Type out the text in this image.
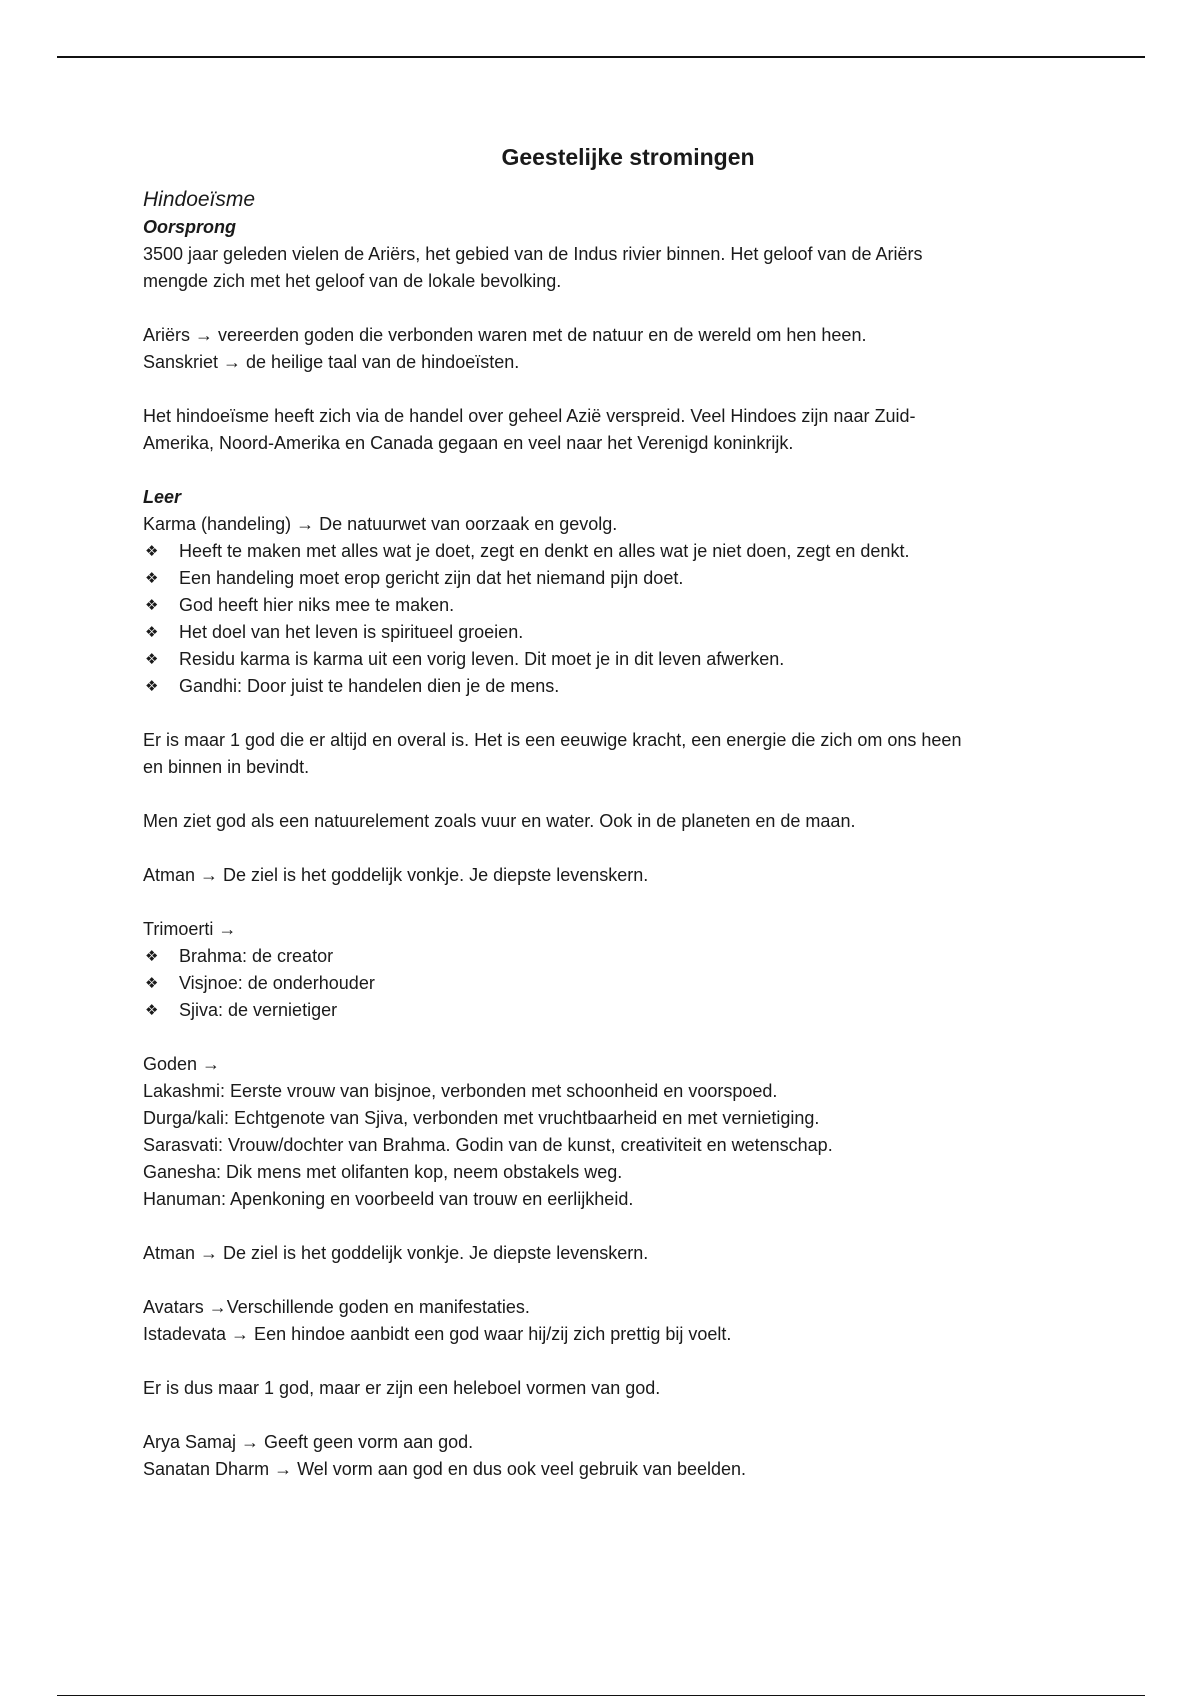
Geestelijke stromingen

Hindoeïsme

Oorsprong

3500 jaar geleden vielen de Ariërs, het gebied van de Indus rivier binnen. Het geloof van de Ariërs

mengde zich met het geloof van de lokale bevolking.

Ariërs → vereerden goden die verbonden waren met de natuur en de wereld om hen heen.

Sanskriet → de heilige taal van de hindoeïsten.

Het hindoeïsme heeft zich via de handel over geheel Azië verspreid. Veel Hindoes zijn naar Zuid-

Amerika, Noord-Amerika en Canada gegaan en veel naar het Verenigd koninkrijk.

Leer

Karma (handeling) → De natuurwet van oorzaak en gevolg.

❖ Heeft te maken met alles wat je doet, zegt en denkt en alles wat je niet doen, zegt en denkt.
❖ Een handeling moet erop gericht zijn dat het niemand pijn doet.
❖ God heeft hier niks mee te maken.
❖ Het doel van het leven is spiritueel groeien.
❖ Residu karma is karma uit een vorig leven. Dit moet je in dit leven afwerken.
❖ Gandhi: Door juist te handelen dien je de mens.

Er is maar 1 god die er altijd en overal is. Het is een eeuwige kracht, een energie die zich om ons heen

en binnen in bevindt.

Men ziet god als een natuurelement zoals vuur en water. Ook in de planeten en de maan.

Atman → De ziel is het goddelijk vonkje. Je diepste levenskern.

Trimoerti →

❖ Brahma: de creator
❖ Visjnoe: de onderhouder
❖ Sjiva: de vernietiger

Goden →

Lakashmi: Eerste vrouw van bisjnoe, verbonden met schoonheid en voorspoed.

Durga/kali: Echtgenote van Sjiva, verbonden met vruchtbaarheid en met vernietiging.

Sarasvati: Vrouw/dochter van Brahma. Godin van de kunst, creativiteit en wetenschap.

Ganesha: Dik mens met olifanten kop, neem obstakels weg.

Hanuman: Apenkoning en voorbeeld van trouw en eerlijkheid.

Atman → De ziel is het goddelijk vonkje. Je diepste levenskern.

Avatars →Verschillende goden en manifestaties.

Istadevata → Een hindoe aanbidt een god waar hij/zij zich prettig bij voelt.

Er is dus maar 1 god, maar er zijn een heleboel vormen van god.

Arya Samaj → Geeft geen vorm aan god.

Sanatan Dharm → Wel vorm aan god en dus ook veel gebruik van beelden.
